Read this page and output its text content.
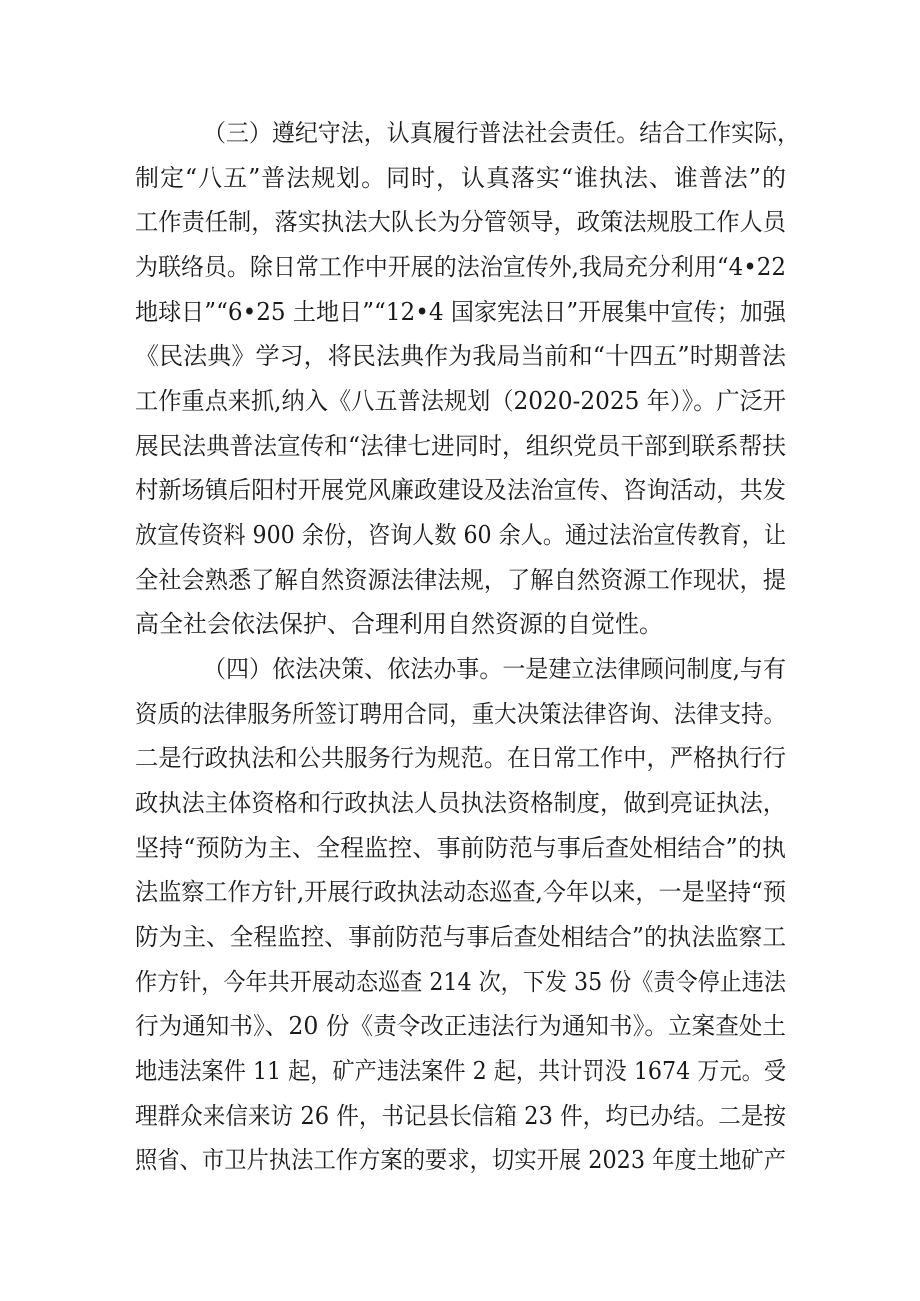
（三）遵纪守法，认真履行普法社会责任。结合工作实际，
制定“八五”普法规划。同时，认真落实“谁执法、谁普法”的
工作责任制，落实执法大队长为分管领导，政策法规股工作人员
为联络员。除日常工作中开展的法治宣传外,我局充分利用“4•22
地球日”“6•25 土地日”“12•4 国家宪法日”开展集中宣传；加强
《民法典》学习，将民法典作为我局当前和“十四五”时期普法
工作重点来抓,纳入《八五普法规划（2020-2025 年）》。广泛开
展民法典普法宣传和“法律七进同时，组织党员干部到联系帮扶
村新场镇后阳村开展党风廉政建设及法治宣传、咨询活动，共发
放宣传资料 900 余份，咨询人数 60 余人。通过法治宣传教育，让
全社会熟悉了解自然资源法律法规，了解自然资源工作现状，提
高全社会依法保护、合理利用自然资源的自觉性。
（四）依法决策、依法办事。一是建立法律顾问制度,与有
资质的法律服务所签订聘用合同，重大决策法律咨询、法律支持。
二是行政执法和公共服务行为规范。在日常工作中，严格执行行
政执法主体资格和行政执法人员执法资格制度，做到亮证执法，
坚持“预防为主、全程监控、事前防范与事后查处相结合”的执
法监察工作方针,开展行政执法动态巡查,今年以来，一是坚持“预
防为主、全程监控、事前防范与事后查处相结合”的执法监察工
作方针，今年共开展动态巡查 214 次，下发 35 份《责令停止违法
行为通知书》、20 份《责令改正违法行为通知书》。立案查处土
地违法案件 11 起，矿产违法案件 2 起，共计罚没 1674 万元。受
理群众来信来访 26 件，书记县长信箱 23 件，均已办结。二是按
照省、市卫片执法工作方案的要求，切实开展 2023 年度土地矿产
